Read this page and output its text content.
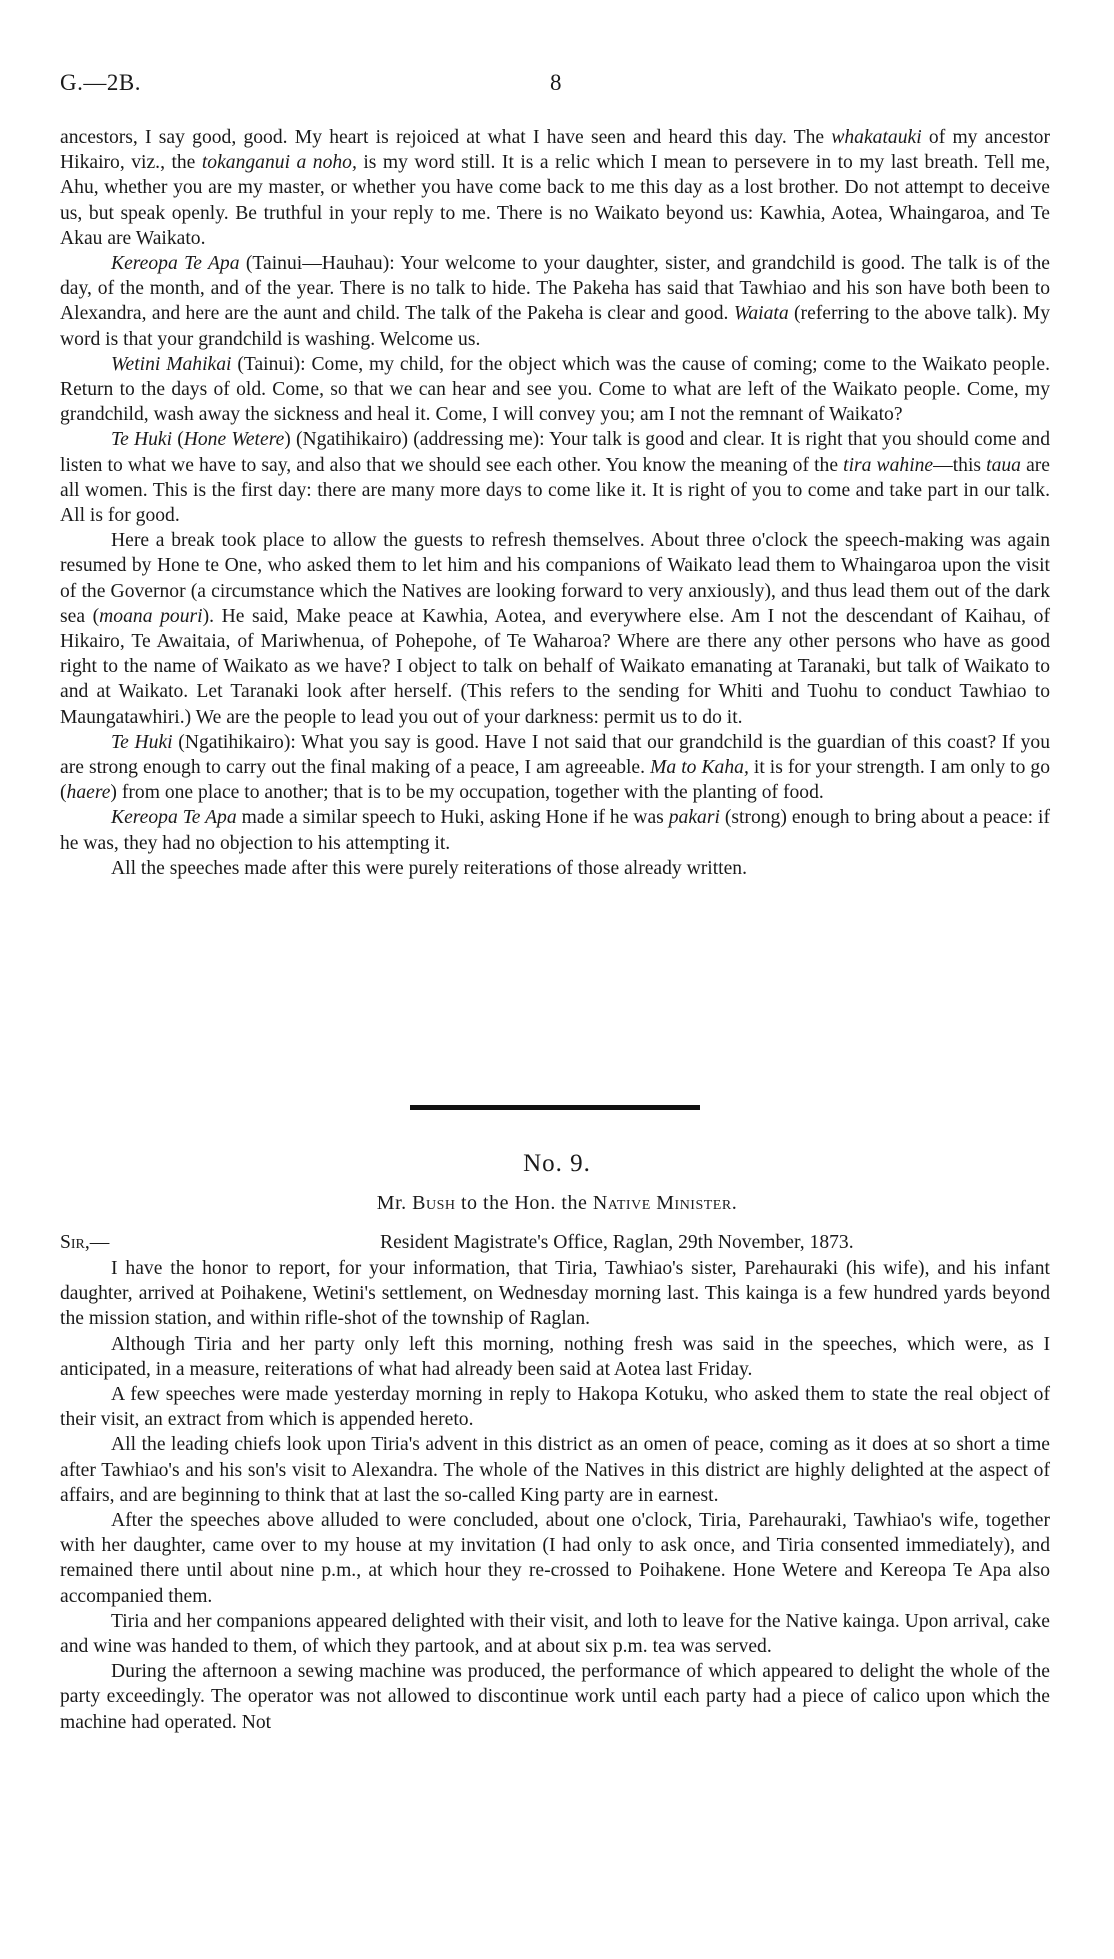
G.—2B.	8

ancestors, I say good, good. My heart is rejoiced at what I have seen and heard this day. The whakatauki of my ancestor Hikairo, viz., the tokanganui a noho, is my word still. It is a relic which I mean to persevere in to my last breath. Tell me, Ahu, whether you are my master, or whether you have come back to me this day as a lost brother. Do not attempt to deceive us, but speak openly. Be truthful in your reply to me. There is no Waikato beyond us: Kawhia, Aotea, Whaingaroa, and Te Akau are Waikato.

Kereopa Te Apa (Tainui—Hauhau): Your welcome to your daughter, sister, and grandchild is good. The talk is of the day, of the month, and of the year. There is no talk to hide. The Pakeha has said that Tawhiao and his son have both been to Alexandra, and here are the aunt and child. The talk of the Pakeha is clear and good. Waiata (referring to the above talk). My word is that your grandchild is washing. Welcome us.

Wetini Mahikai (Tainui): Come, my child, for the object which was the cause of coming; come to the Waikato people. Return to the days of old. Come, so that we can hear and see you. Come to what are left of the Waikato people. Come, my grandchild, wash away the sickness and heal it. Come, I will convey you; am I not the remnant of Waikato?

Te Huki (Hone Wetere) (Ngatihikairo) (addressing me): Your talk is good and clear. It is right that you should come and listen to what we have to say, and also that we should see each other. You know the meaning of the tira wahine—this taua are all women. This is the first day: there are many more days to come like it. It is right of you to come and take part in our talk. All is for good.

Here a break took place to allow the guests to refresh themselves. About three o'clock the speech-making was again resumed by Hone te One, who asked them to let him and his companions of Waikato lead them to Whaingaroa upon the visit of the Governor (a circumstance which the Natives are looking forward to very anxiously), and thus lead them out of the dark sea (moana pouri). He said, Make peace at Kawhia, Aotea, and everywhere else. Am I not the descendant of Kaihau, of Hikairo, Te Awaitaia, of Mariwhenua, of Pohepohe, of Te Waharoa? Where are there any other persons who have as good right to the name of Waikato as we have? I object to talk on behalf of Waikato emanating at Taranaki, but talk of Waikato to and at Waikato. Let Taranaki look after herself. (This refers to the sending for Whiti and Tuohu to conduct Tawhiao to Maungatawhiri.) We are the people to lead you out of your darkness: permit us to do it.

Te Huki (Ngatihikairo): What you say is good. Have I not said that our grandchild is the guardian of this coast? If you are strong enough to carry out the final making of a peace, I am agreeable. Ma to Kaha, it is for your strength. I am only to go (haere) from one place to another; that is to be my occupation, together with the planting of food.

Kereopa Te Apa made a similar speech to Huki, asking Hone if he was pakari (strong) enough to bring about a peace: if he was, they had no objection to his attempting it.

All the speeches made after this were purely reiterations of those already written.

No. 9.
Mr. Bush to the Hon. the Native Minister.
Sir,—	Resident Magistrate's Office, Raglan, 29th November, 1873.

I have the honor to report, for your information, that Tiria, Tawhiao's sister, Parehauraki (his wife), and his infant daughter, arrived at Poihakene, Wetini's settlement, on Wednesday morning last. This kainga is a few hundred yards beyond the mission station, and within rifle-shot of the township of Raglan.

Although Tiria and her party only left this morning, nothing fresh was said in the speeches, which were, as I anticipated, in a measure, reiterations of what had already been said at Aotea last Friday.

A few speeches were made yesterday morning in reply to Hakopa Kotuku, who asked them to state the real object of their visit, an extract from which is appended hereto.

All the leading chiefs look upon Tiria's advent in this district as an omen of peace, coming as it does at so short a time after Tawhiao's and his son's visit to Alexandra. The whole of the Natives in this district are highly delighted at the aspect of affairs, and are beginning to think that at last the so-called King party are in earnest.

After the speeches above alluded to were concluded, about one o'clock, Tiria, Parehauraki, Tawhiao's wife, together with her daughter, came over to my house at my invitation (I had only to ask once, and Tiria consented immediately), and remained there until about nine p.m., at which hour they re-crossed to Poihakene. Hone Wetere and Kereopa Te Apa also accompanied them.

Tiria and her companions appeared delighted with their visit, and loth to leave for the Native kainga. Upon arrival, cake and wine was handed to them, of which they partook, and at about six p.m. tea was served.

During the afternoon a sewing machine was produced, the performance of which appeared to delight the whole of the party exceedingly. The operator was not allowed to discontinue work until each party had a piece of calico upon which the machine had operated. Not
